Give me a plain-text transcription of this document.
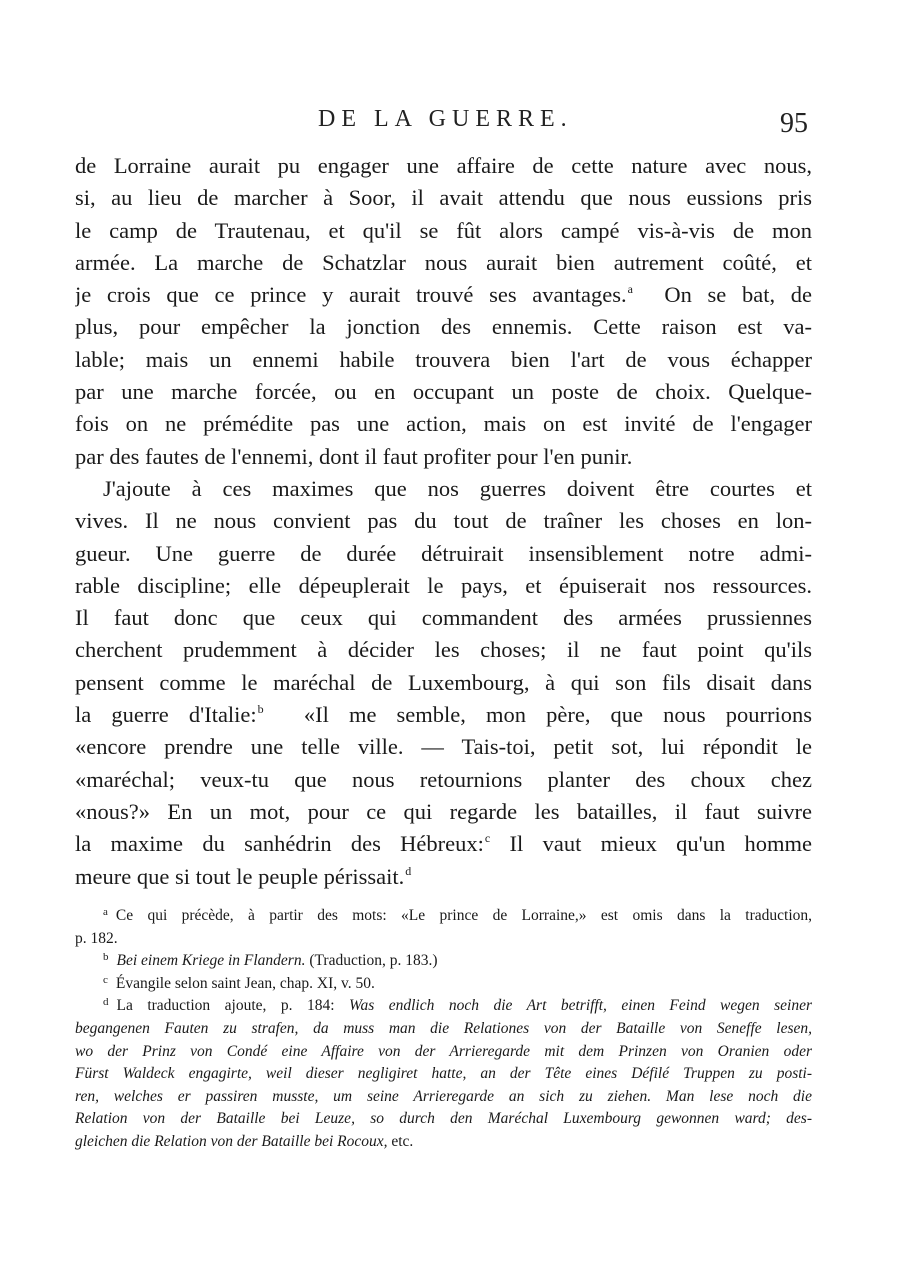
DE LA GUERRE.	95
de Lorraine aurait pu engager une affaire de cette nature avec nous,
si, au lieu de marcher à Soor, il avait attendu que nous eussions pris
le camp de Trautenau, et qu'il se fût alors campé vis-à-vis de mon
armée. La marche de Schatzlar nous aurait bien autrement coûté, et
je crois que ce prince y aurait trouvé ses avantages.$^a$ On se bat, de
plus, pour empêcher la jonction des ennemis. Cette raison est va-
lable; mais un ennemi habile trouvera bien l'art de vous échapper
par une marche forcée, ou en occupant un poste de choix. Quelque-
fois on ne prémédite pas une action, mais on est invité de l'engager
par des fautes de l'ennemi, dont il faut profiter pour l'en punir.
J'ajoute à ces maximes que nos guerres doivent être courtes et
vives. Il ne nous convient pas du tout de traîner les choses en lon-
gueur. Une guerre de durée détruirait insensiblement notre admi-
rable discipline; elle dépeuplerait le pays, et épuiserait nos ressources.
Il faut donc que ceux qui commandent des armées prussiennes
cherchent prudemment à décider les choses; il ne faut point qu'ils
pensent comme le maréchal de Luxembourg, à qui son fils disait dans
la guerre d'Italie:$^b$ «Il me semble, mon père, que nous pourrions
«encore prendre une telle ville. — Tais-toi, petit sot, lui répondit le
«maréchal; veux-tu que nous retournions planter des choux chez
«nous?» En un mot, pour ce qui regarde les batailles, il faut suivre
la maxime du sanhédrin des Hébreux:$^c$ Il vaut mieux qu'un homme
meure que si tout le peuple périssait.$^d$
$^a$ Ce qui précède, à partir des mots: «Le prince de Lorraine,» est omis dans la traduction,
p. 182.
$^b$ Bei einem Kriege in Flandern. (Traduction, p. 183.)
$^c$ Évangile selon saint Jean, chap. XI, v. 50.
$^d$ La traduction ajoute, p. 184: Was endlich noch die Art betrifft, einen Feind wegen seiner
begangenen Fauten zu strafen, da muss man die Relationes von der Bataille von Seneffe lesen,
wo der Prinz von Condé eine Affaire von der Arrieregarde mit dem Prinzen von Oranien oder
Fürst Waldeck engagirte, weil dieser negligiret hatte, an der Tête eines Défilé Truppen zu posti-
ren, welches er passiren musste, um seine Arrieregarde an sich zu ziehen. Man lese noch die
Relation von der Bataille bei Leuze, so durch den Maréchal Luxembourg gewonnen ward; des-
gleichen die Relation von der Bataille bei Rocoux, etc.
